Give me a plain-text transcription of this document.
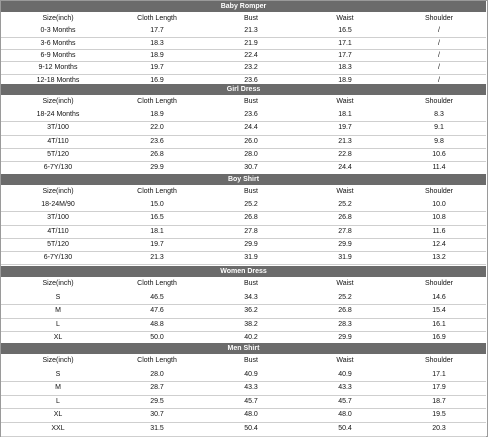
Baby Romper
Size(inch)	Cloth Length	Bust	Waist	Shoulder
0-3 Months	17.7	21.3	16.5	/
3-6 Months	18.3	21.9	17.1	/
6-9 Months	18.9	22.4	17.7	/
9-12 Months	19.7	23.2	18.3	/
12-18 Months	16.9	23.6	18.9	/
Girl Dress
Size(inch)	Cloth Length	Bust	Waist	Shoulder
18-24 Months	18.9	23.6	18.1	8.3
3T/100	22.0	24.4	19.7	9.1
4T/110	23.6	26.0	21.3	9.8
5T/120	26.8	28.0	22.8	10.6
6-7Y/130	29.9	30.7	24.4	11.4
Boy Shirt
Size(inch)	Cloth Length	Bust	Waist	Shoulder
18-24M/90	15.0	25.2	25.2	10.0
3T/100	16.5	26.8	26.8	10.8
4T/110	18.1	27.8	27.8	11.6
5T/120	19.7	29.9	29.9	12.4
6-7Y/130	21.3	31.9	31.9	13.2
Women Dress
Size(inch)	Cloth Length	Bust	Waist	Shoulder
S	46.5	34.3	25.2	14.6
M	47.6	36.2	26.8	15.4
L	48.8	38.2	28.3	16.1
XL	50.0	40.2	29.9	16.9
Men Shirt
Size(inch)	Cloth Length	Bust	Waist	Shoulder
S	28.0	40.9	40.9	17.1
M	28.7	43.3	43.3	17.9
L	29.5	45.7	45.7	18.7
XL	30.7	48.0	48.0	19.5
XXL	31.5	50.4	50.4	20.3
